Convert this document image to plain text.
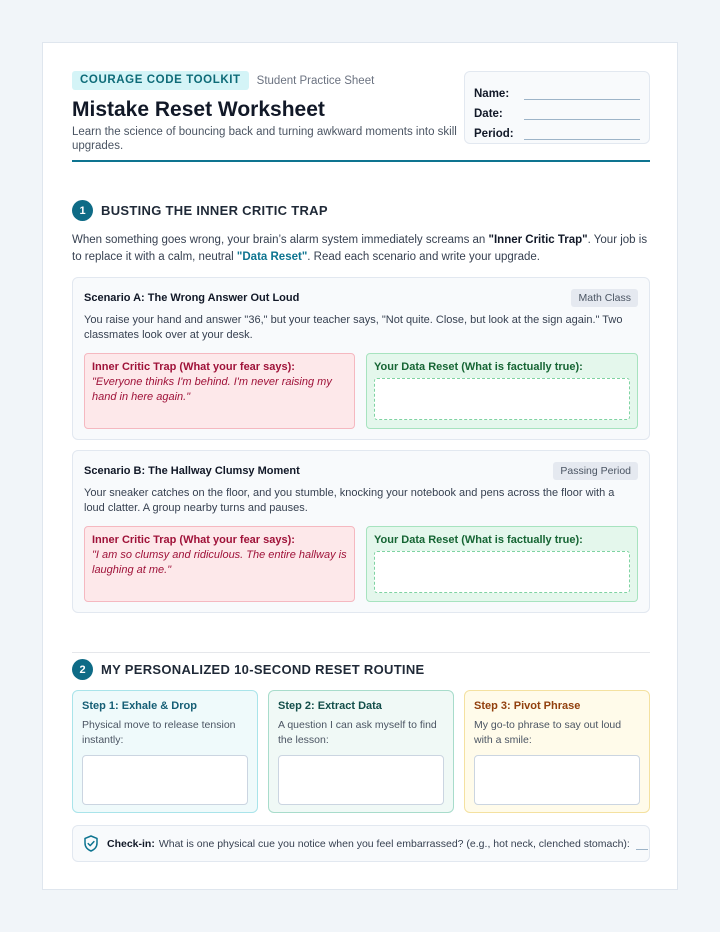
COURAGE CODE TOOLKIT	Student Practice Sheet
Mistake Reset Worksheet
Learn the science of bouncing back and turning awkward moments into skill upgrades.
Name:
Date:
Period:
1	BUSTING THE INNER CRITIC TRAP

When something goes wrong, your brain’s alarm system immediately screams an "Inner Critic Trap". Your job is to replace it with a calm, neutral "Data Reset". Read each scenario and write your upgrade.

Scenario A: The Wrong Answer Out Loud	Math Class

You raise your hand and answer "36," but your teacher says, "Not quite. Close, but look at the sign again." Two classmates look over at your desk.

Inner Critic Trap (What your fear says):
"Everyone thinks I'm behind. I'm never raising my hand in here again."
Your Data Reset (What is factually true):
Scenario B: The Hallway Clumsy Moment	Passing Period

Your sneaker catches on the floor, and you stumble, knocking your notebook and pens across the floor with a loud clatter. A group nearby turns and pauses.

Inner Critic Trap (What your fear says):
"I am so clumsy and ridiculous. The entire hallway is laughing at me."
Your Data Reset (What is factually true):
2	MY PERSONALIZED 10-SECOND RESET ROUTINE
Step 1: Exhale & Drop
Physical move to release tension instantly:
Step 2: Extract Data
A question I can ask myself to find the lesson:
Step 3: Pivot Phrase
My go-to phrase to say out loud with a smile:
Check-in: What is one physical cue you notice when you feel embarrassed? (e.g., hot neck, clenched stomach):
